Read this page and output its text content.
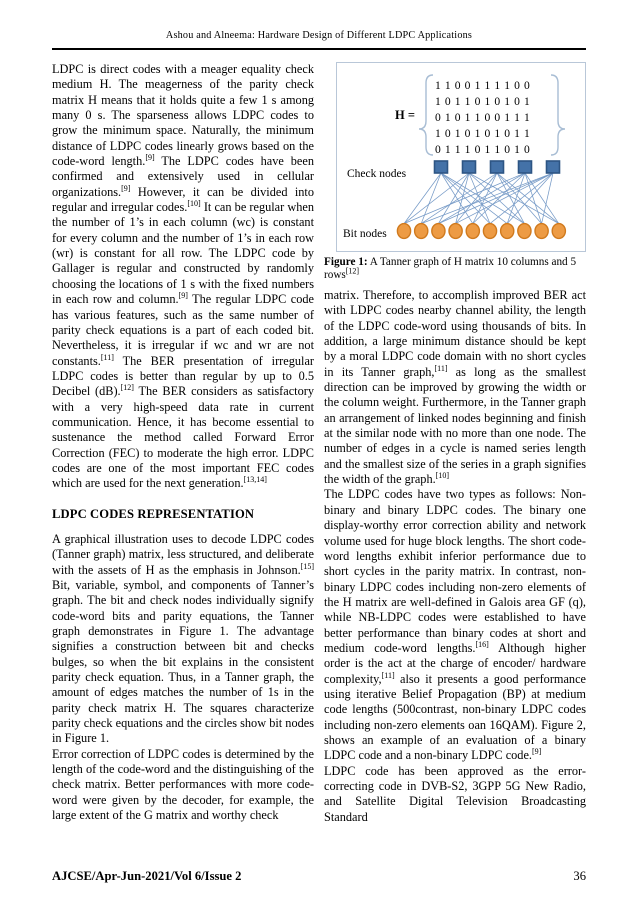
Ashou and Alneema: Hardware Design of Different LDPC Applications

LDPC is direct codes with a meager equality check medium H. The meagerness of the parity check matrix H means that it holds quite a few 1 s among many 0 s. The sparseness allows LDPC codes to grow the minimum space. Naturally, the minimum distance of LDPC codes linearly grows based on the code-word length.[9] The LDPC codes have been confirmed and extensively used in cellular organizations.[9] However, it can be divided into regular and irregular codes.[10] It can be regular when the number of 1’s in each column (wc) is constant for every column and the number of 1’s in each row (wr) is constant for all row. The LDPC code by Gallager is regular and constructed by randomly choosing the locations of 1 s with the fixed numbers in each row and column.[9] The regular LDPC code has various features, such as the same number of parity check equations is a part of each coded bit. Nevertheless, it is irregular if wc and wr are not constants.[11] The BER presentation of irregular LDPC codes is better than regular by up to 0.5 Decibel (dB).[12] The BER considers as satisfactory with a very high-speed data rate in current communication. Hence, it has become essential to sustenance the method called Forward Error Correction (FEC) to moderate the high error. LDPC codes are one of the most important FEC codes which are used for the next generation.[13,14]

LDPC CODES REPRESENTATION

A graphical illustration uses to decode LDPC codes (Tanner graph) matrix, less structured, and deliberate with the assets of H as the emphasis in Johnson.[15] Bit, variable, symbol, and components of Tanner’s graph. The bit and check nodes individually signify code-word bits and parity equations, the Tanner graph demonstrates in Figure 1. The advantage signifies a construction between bit and checks bulges, so when the bit explains in the consistent parity check equation. Thus, in a Tanner graph, the amount of edges matches the number of 1s in the parity check matrix H. The squares characterize parity check equations and the circles show bit nodes in Figure 1.

Error correction of LDPC codes is determined by the length of the code-word and the distinguishing of the check matrix. Better performances with more code-word were given by the decoder, for example, the large extent of the G matrix and worthy check

H =
1 1 0 0 1 1 1 1 0 0
1 0 1 1 0 1 0 1 0 1
0 1 0 1 1 0 0 1 1 1
1 0 1 0 1 0 1 0 1 1
0 1 1 1 0 1 1 0 1 0
Check nodes
Bit nodes
Figure 1: A Tanner graph of H matrix 10 columns and 5 rows[12]

matrix. Therefore, to accomplish improved BER act with LDPC codes nearby channel ability, the length of the LDPC code-word using thousands of bits. In addition, a large minimum distance should be kept by a moral LDPC code domain with no short cycles in its Tanner graph,[11] as long as the smallest direction can be improved by growing the width or the column weight. Furthermore, in the Tanner graph an arrangement of linked nodes beginning and finish at the similar node with no more than one node. The number of edges in a cycle is named series length and the smallest size of the series in a graph signifies the width of the graph.[10]

The LDPC codes have two types as follows: Non-binary and binary LDPC codes. The binary one display-worthy error correction ability and network volume used for huge block lengths. The short code-word lengths exhibit inferior performance due to short cycles in the parity matrix. In contrast, non-binary LDPC codes including non-zero elements of the H matrix are well-defined in Galois area GF (q), while NB-LDPC codes were established to have better performance than binary codes at short and medium code-word lengths.[16] Although higher order is the act at the charge of encoder/ hardware complexity,[11] also it presents a good performance using iterative Belief Propagation (BP) at medium code lengths (500contrast, non-binary LDPC codes including non-zero elements oan 16QAM). Figure 2, shows an example of an evaluation of a binary LDPC code and a non-binary LDPC code.[9]

LDPC code has been approved as the error-correcting code in DVB-S2, 3GPP 5G New Radio, and Satellite Digital Television Broadcasting Standard

AJCSE/Apr-Jun-2021/Vol 6/Issue 2	36
